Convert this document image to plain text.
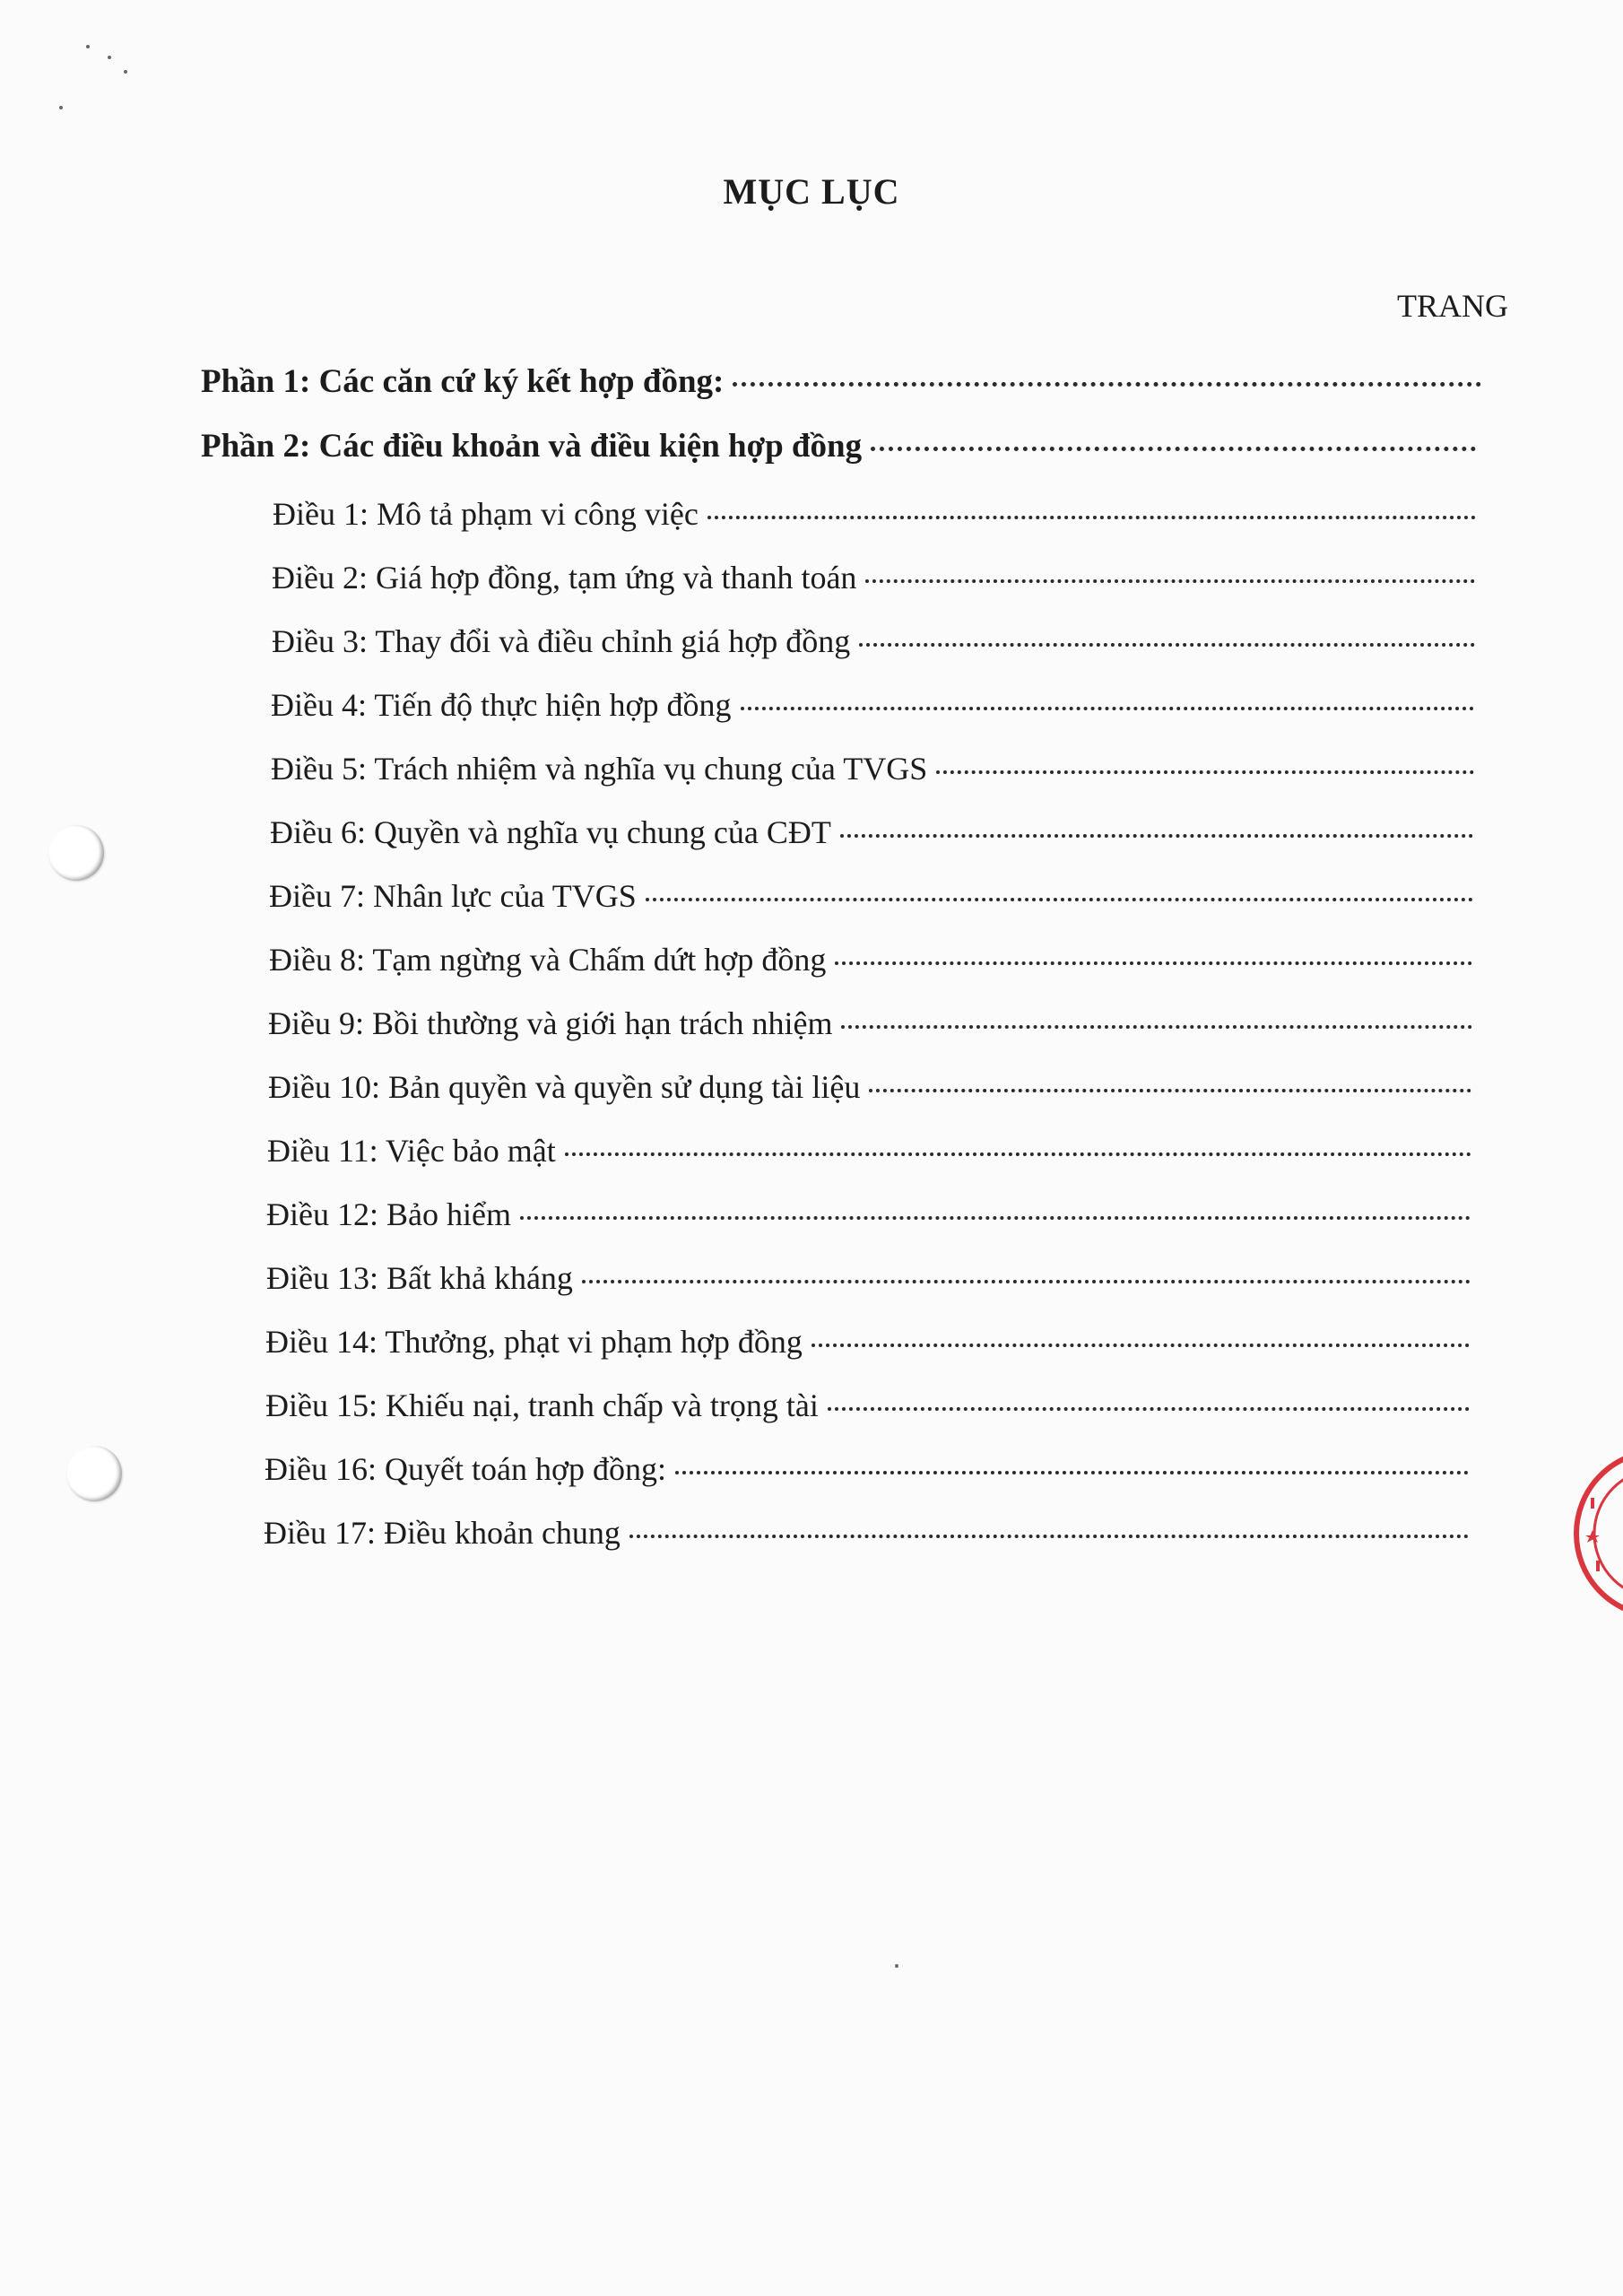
MỤC LỤC
TRANG
Phần 1: Các căn cứ ký kết hợp đồng:
Phần 2: Các điều khoản và điều kiện hợp đồng
Điều 1: Mô tả phạm vi công việc
Điều 2: Giá hợp đồng, tạm ứng và thanh toán
Điều 3: Thay đổi và điều chỉnh giá hợp đồng
Điều 4: Tiến độ thực hiện hợp đồng
Điều 5: Trách nhiệm và nghĩa vụ chung của TVGS
Điều 6: Quyền và nghĩa vụ chung của CĐT
Điều 7: Nhân lực của TVGS
Điều 8: Tạm ngừng và Chấm dứt hợp đồng
Điều 9: Bồi thường và giới hạn trách nhiệm
Điều 10: Bản quyền và quyền sử dụng tài liệu
Điều 11: Việc bảo mật
Điều 12: Bảo hiểm
Điều 13: Bất khả kháng
Điều 14: Thưởng, phạt vi phạm hợp đồng
Điều 15: Khiếu nại, tranh chấp và trọng tài
Điều 16: Quyết toán hợp đồng:
Điều 17: Điều khoản chung
